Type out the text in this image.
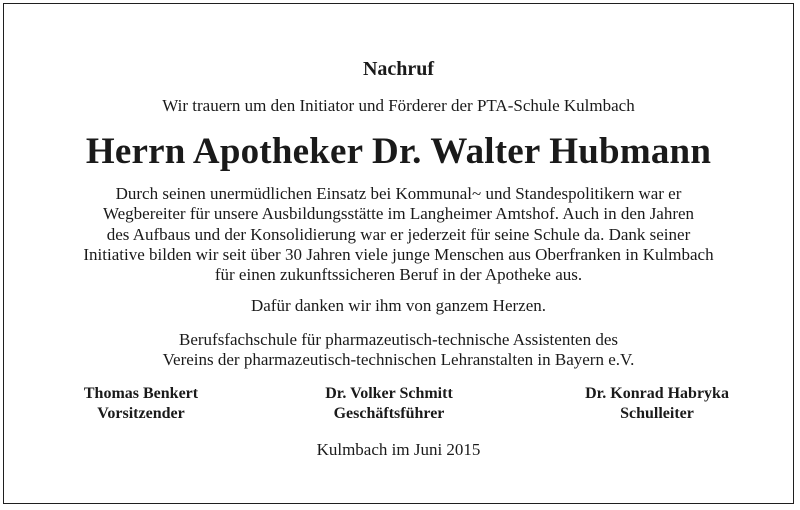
Nachruf
Wir trauern um den Initiator und Förderer der PTA-Schule Kulmbach
Herrn Apotheker Dr. Walter Hubmann
Durch seinen unermüdlichen Einsatz bei Kommunal~ und Standespolitikern war er
Wegbereiter für unsere Ausbildungsstätte im Langheimer Amtshof. Auch in den Jahren
des Aufbaus und der Konsolidierung war er jederzeit für seine Schule da. Dank seiner
Initiative bilden wir seit über 30 Jahren viele junge Menschen aus Oberfranken in Kulmbach
für einen zukunftssicheren Beruf in der Apotheke aus.
Dafür danken wir ihm von ganzem Herzen.
Berufsfachschule für pharmazeutisch-technische Assistenten des
Vereins der pharmazeutisch-technischen Lehranstalten in Bayern e.V.
Thomas Benkert
Vorsitzender
Dr. Volker Schmitt
Geschäftsführer
Dr. Konrad Habryka
Schulleiter
Kulmbach im Juni 2015
